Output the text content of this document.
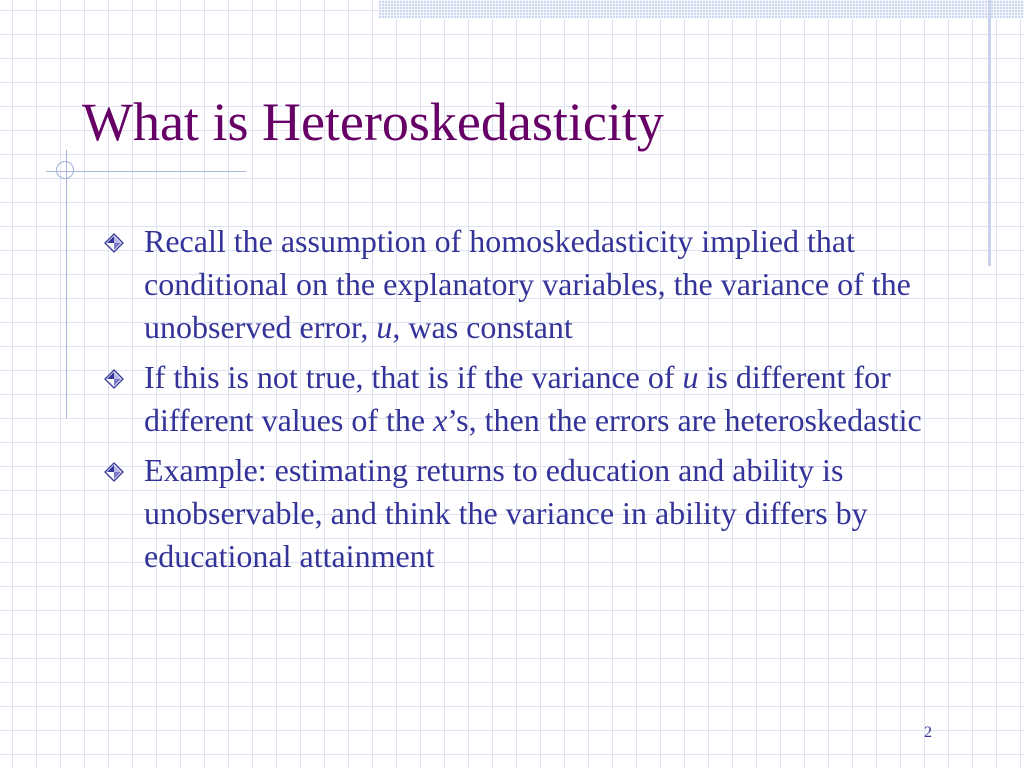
What is Heteroskedasticity
Recall the assumption of homoskedasticity implied that conditional on the explanatory variables, the variance of the unobserved error, u, was constant
If this is not true, that is if the variance of u is different for different values of the x’s, then the errors are heteroskedastic
Example: estimating returns to education and ability is unobservable, and think the variance in ability differs by educational attainment
2
